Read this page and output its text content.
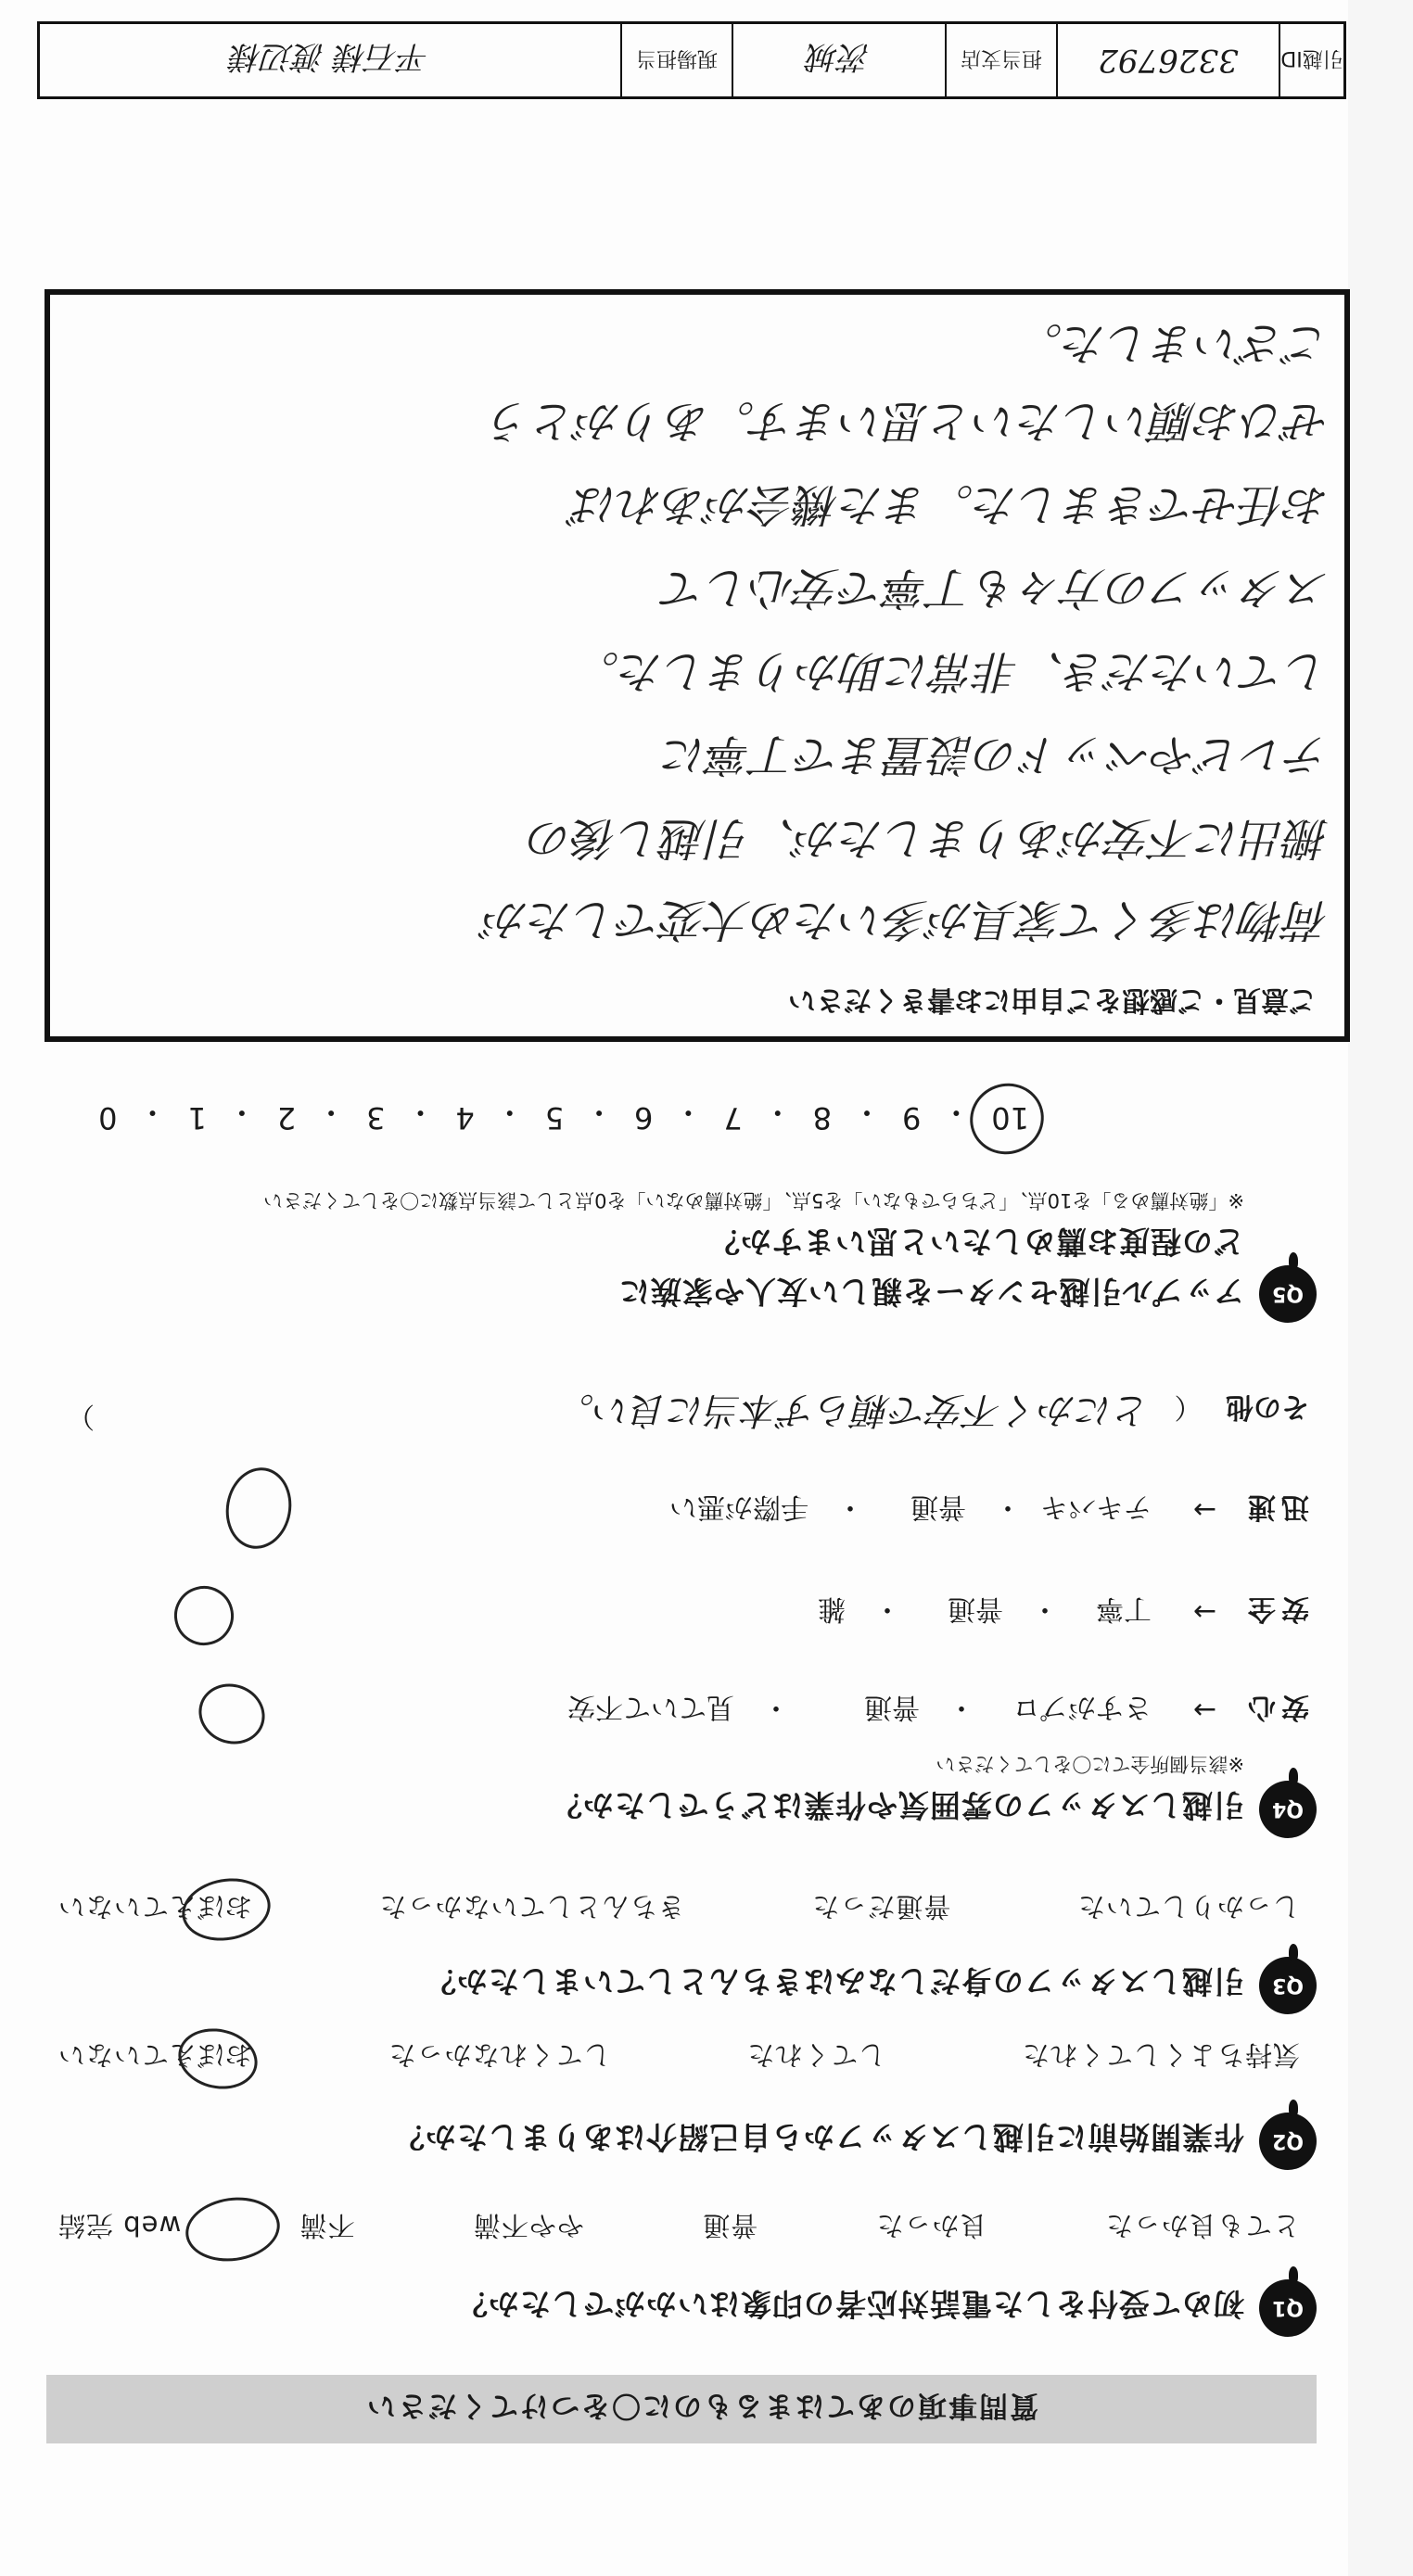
質問事項のあてはまるものに〇をつけてください
Q1
初めて受付をした電話対応者の印象はいかがでしたか？
とても良かった
良かった
普通
やや不満
不満
web 完結
Q2
作業開始前に引越しスタッフから自己紹介はありましたか？
気持ちよくしてくれた
してくれた
してくれなかった
おぼえていない
Q3
引越しスタッフの身だしなみはきちんとしていましたか？
しっかりしていた
普通だった
きちんとしていなかった
おぼえていない
Q4
引越しスタッフの雰囲気や作業はどうでしたか？
※該当個所全てに〇をしてください
安心
→
さすがプロ
・
普通
・
見ていて不安
安全
→
丁寧
・
普通
・
雑
迅速
→
テキパキ
・
普通
・
手際が悪い
その他 （ とにかく不安で頼らず本当に良い。
）
Q5
アップル引越センターを親しい友人や家族に
どの程度お薦めしたいと思いますか？
※「絶対薦める」を10点、「どちらでもない」を5点、「絶対薦めない」を0点として該当点数に〇をしてください
10
・
9
・
8
・
7
・
6
・
5
・
4
・
3
・
2
・
1
・
0
ご意見・ご感想をご自由にお書きください
荷物は多くて家具が多いため大変でしたが
搬出に不安がありましたが、引越し後の
テレビやベッドの設置まで丁寧に
していただき、非常に助かりました。
スタッフの方々も丁寧で安心して
お任せできました。また機会があれば
ぜひお願いしたいと思います。ありがとう
ございました。
引越ID
3326792
担当支店
茨城
現場担当
平石様 渡辺様
